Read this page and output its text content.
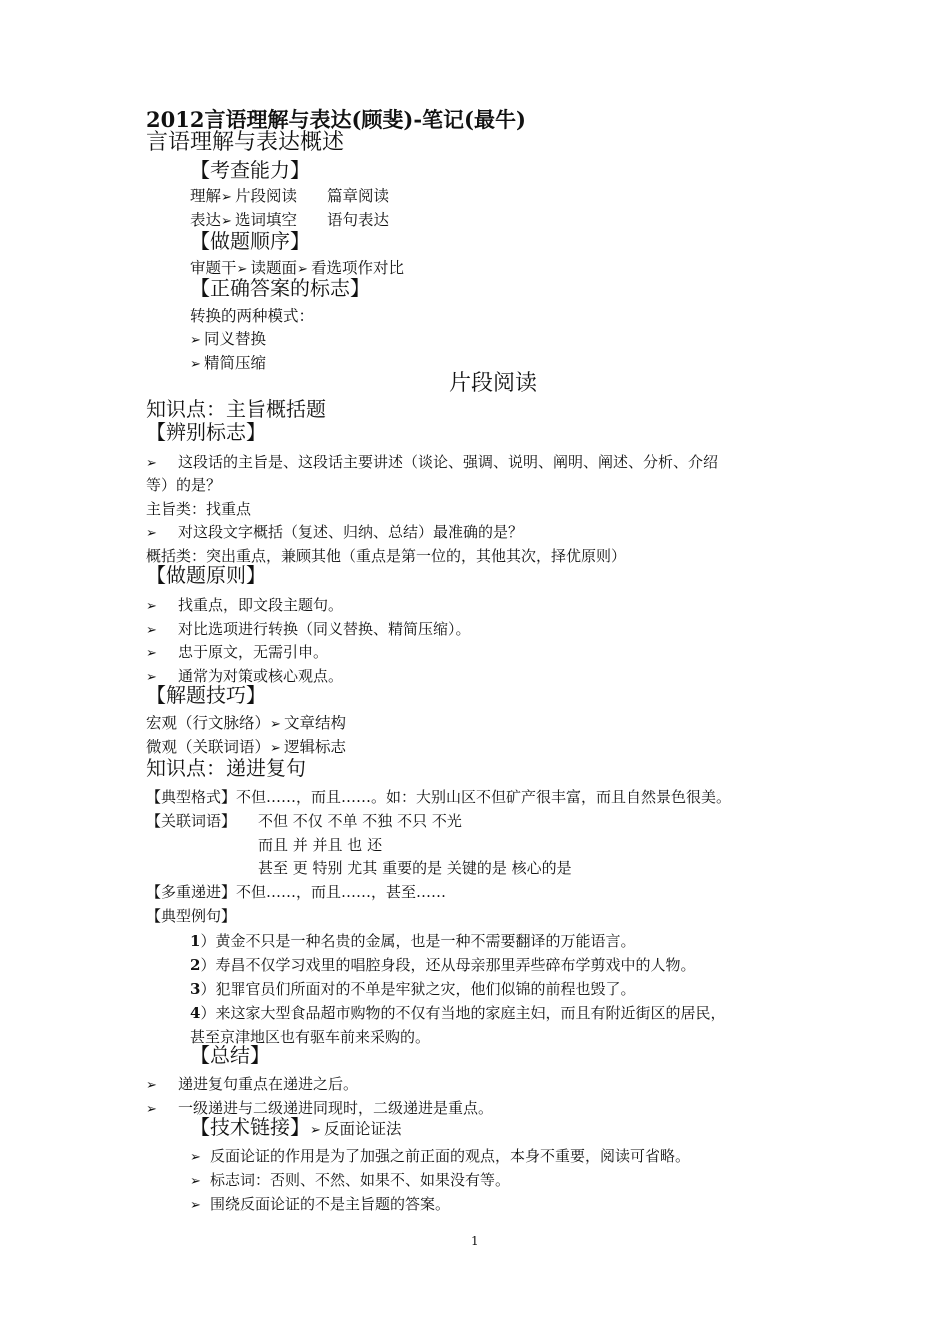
2012言语理解与表达(顾斐)-笔记(最牛)
言语理解与表达概述
【考查能力】
理解➢ 片段阅读 篇章阅读
表达➢ 选词填空 语句表达
【做题顺序】
审题干➢ 读题面➢ 看选项作对比
【正确答案的标志】
转换的两种模式：
➢ 同义替换
➢ 精简压缩
片段阅读
知识点：主旨概括题
【辨别标志】
➢ 这段话的主旨是、这段话主要讲述（谈论、强调、说明、阐明、阐述、分析、介绍
等）的是？
主旨类：找重点
➢ 对这段文字概括（复述、归纳、总结）最准确的是？
概括类：突出重点，兼顾其他（重点是第一位的，其他其次，择优原则）
【做题原则】
➢ 找重点，即文段主题句。
➢ 对比选项进行转换（同义替换、精简压缩）。
➢ 忠于原文，无需引申。
➢ 通常为对策或核心观点。
【解题技巧】
宏观（行文脉络）➢ 文章结构
微观（关联词语）➢ 逻辑标志
知识点：递进复句
【典型格式】不但……，而且……。如：大别山区不但矿产很丰富，而且自然景色很美。
【关联词语】 不但 不仅 不单 不独 不只 不光
而且 并 并且 也 还
甚至 更 特别 尤其 重要的是 关键的是 核心的是
【多重递进】不但……，而且……，甚至……
【典型例句】
1）黄金不只是一种名贵的金属，也是一种不需要翻译的万能语言。
2）寿昌不仅学习戏里的唱腔身段，还从母亲那里弄些碎布学剪戏中的人物。
3）犯罪官员们所面对的不单是牢狱之灾，他们似锦的前程也毁了。
4）来这家大型食品超市购物的不仅有当地的家庭主妇，而且有附近街区的居民，
甚至京津地区也有驱车前来采购的。
【总结】
➢ 递进复句重点在递进之后。
➢ 一级递进与二级递进同现时，二级递进是重点。
【技术链接】➢ 反面论证法
➢ 反面论证的作用是为了加强之前正面的观点，本身不重要，阅读可省略。
➢ 标志词：否则、不然、如果不、如果没有等。
➢ 围绕反面论证的不是主旨题的答案。
1
